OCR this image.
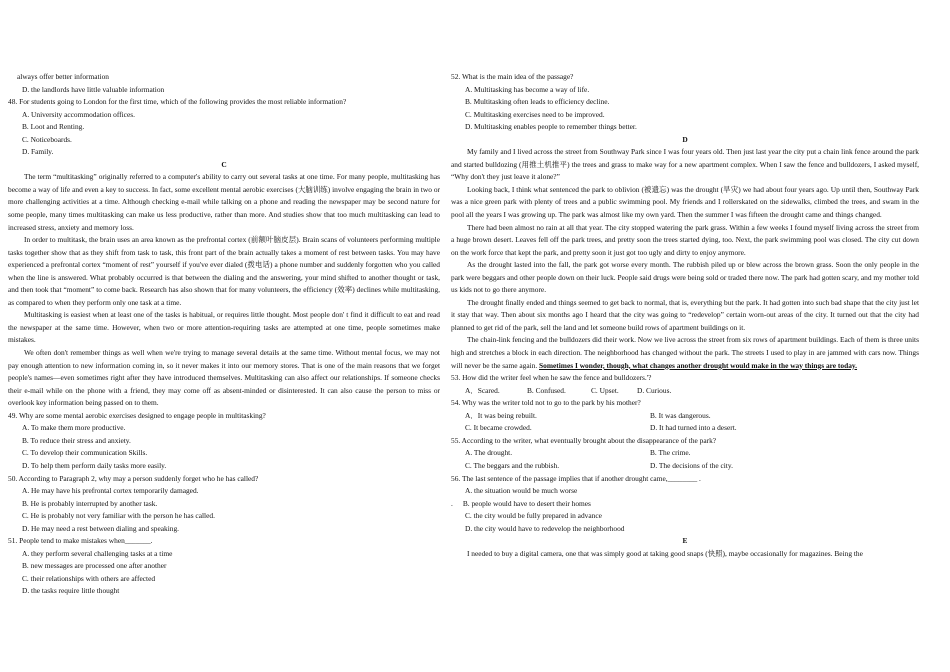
always offer better information
D. the landlords have little valuable information
48. For students going to London for the first time, which of the following provides the most reliable information?
A. University accommodation offices.
B. Loot and Renting.
C. Noticeboards.
D. Family.
C
The term “multitasking” originally referred to a computer's ability to carry out several tasks at one time. For many people, multitasking has become a way of life and even a key to success. In fact, some excellent mental aerobic exercises (大脑训练) involve engaging the brain in two or more challenging activities at a time. Although checking e-mail while talking on a phone and reading the newspaper may be second nature for some people, many times multitasking can make us less productive, rather than more. And studies show that too much multitasking can lead to increased stress, anxiety and memory loss.
In order to multitask, the brain uses an area known as the prefrontal cortex (前额叶脑皮层). Brain scans of volunteers performing multiple tasks together show that as they shift from task to task, this front part of the brain actually takes a moment of rest between tasks. You may have experienced a prefrontal cortex “moment of rest” yourself if you've ever dialed (拨电话) a phone number and suddenly forgotten who you called when the line is answered. What probably occurred is that between the dialing and the answering, your mind shifted to another thought or task, and then took that “moment” to come back. Research has also shown that for many volunteers, the efficiency (效率) declines while multitasking, as compared to when they perform only one task at a time.
Multitasking is easiest when at least one of the tasks is habitual, or requires little thought. Most people don' t find it difficult to eat and read the newspaper at the same time. However, when two or more attention-requiring tasks are attempted at one time, people sometimes make mistakes.
We often don't remember things as well when we're trying to manage several details at the same time. Without mental focus, we may not pay enough attention to new information coming in, so it never makes it into our memory stores. That is one of the main reasons that we forget people's names—even sometimes right after they have introduced themselves. Multitasking can also affect our relationships. If someone checks their e-mail while on the phone with a friend, they may come off as absent-minded or disinterested. It can also cause the person to miss or overlook key information being passed on to them.
49. Why are some mental aerobic exercises designed to engage people in multitasking?
A. To make them more productive.
B. To reduce their stress and anxiety.
C. To develop their communication Skills.
D. To help them perform daily tasks more easily.
50. According to Paragraph 2, why may a person suddenly forget who he has called?
A. He may have his prefrontal cortex temporarily damaged.
B. He is probably interrupted by another task.
C. He is probably not very familiar with the person he has called.
D. He may need a rest between dialing and speaking.
51. People tend to make mistakes when_______.
A. they perform several challenging tasks at a time
B. new messages are processed one after another
C. their relationships with others are affected
D. the tasks require little thought
52. What is the main idea of the passage?
A. Multitasking has become a way of life.
B. Multitasking often leads to efficiency decline.
C. Multitasking exercises need to be improved.
D. Multitasking enables people to remember things better.
D
My family and I lived across the street from Southway Park since I was four years old. Then just last year the city put a chain link fence around the park and started bulldozing (用推土机推平) the trees and grass to make way for a new apartment complex. When I saw the fence and bulldozers, I asked myself, “Why don't they just leave it alone?”
Looking back, I think what sentenced the park to oblivion (被遗忘) was the drought (旱灾) we had about four years ago. Up until then, Southway Park was a nice green park with plenty of trees and a public swimming pool. My friends and I rollerskated on the sidewalks, climbed the trees, and swam in the pool all the years I was growing up. The park was almost like my own yard. Then the summer I was fifteen the drought came and things changed.
There had been almost no rain at all that year. The city stopped watering the park grass. Within a few weeks I found myself living across the street from a huge brown desert. Leaves fell off the park trees, and pretty soon the trees started dying, too. Next, the park swimming pool was closed. The city cut down on the work force that kept the park, and pretty soon it just got too ugly and dirty to enjoy anymore.
As the drought lasted into the fall, the park got worse every month. The rubbish piled up or blew across the brown grass. Soon the only people in the park were beggars and other people down on their luck. People said drugs were being sold or traded there now. The park had gotten scary, and my mother told us kids not to go there anymore.
The drought finally ended and things seemed to get back to normal, that is, everything but the park. It had gotten into such bad shape that the city just let it stay that way. Then about six months ago I heard that the city was going to “redevelop” certain worn-out areas of the city. It turned out that the city had planned to get rid of the park, sell the land and let someone build rows of apartment buildings on it.
The chain-link fencing and the bulldozers did their work. Now we live across the street from six rows of apartment buildings. Each of them is three units high and stretches a block in each direction. The neighborhood has changed without the park. The streets I used to play in are jammed with cars now. Things will never be the same again. Sometimes I wonder, though, what changes another drought would make in the way things are today.
53. How did the writer feel when he saw the fence and bulldozers.'?
A．Scared.	B. Confused.	C. Upset.	D. Curious.
54. Why was the writer told not to go to the park by his mother?
A．It was being rebuilt.	B. It was dangerous.
C. It became crowded.	D. It had turned into a desert.
55. According to the writer, what eventually brought about the disappearance of the park?
A. The drought.	B. The crime.
C. The beggars and the rubbish.	D. The decisions of the city.
56. The last sentence of the passage implies that if another drought came,________ .
A. the situation would be much worse
. B. people would have to desert their homes
C. the city would be fully prepared in advance
D. the city would have to redevelop the neighborhood
E
I needed to buy a digital camera, one that was simply good at taking good snaps (快照), maybe occasionally for magazines. Being the
